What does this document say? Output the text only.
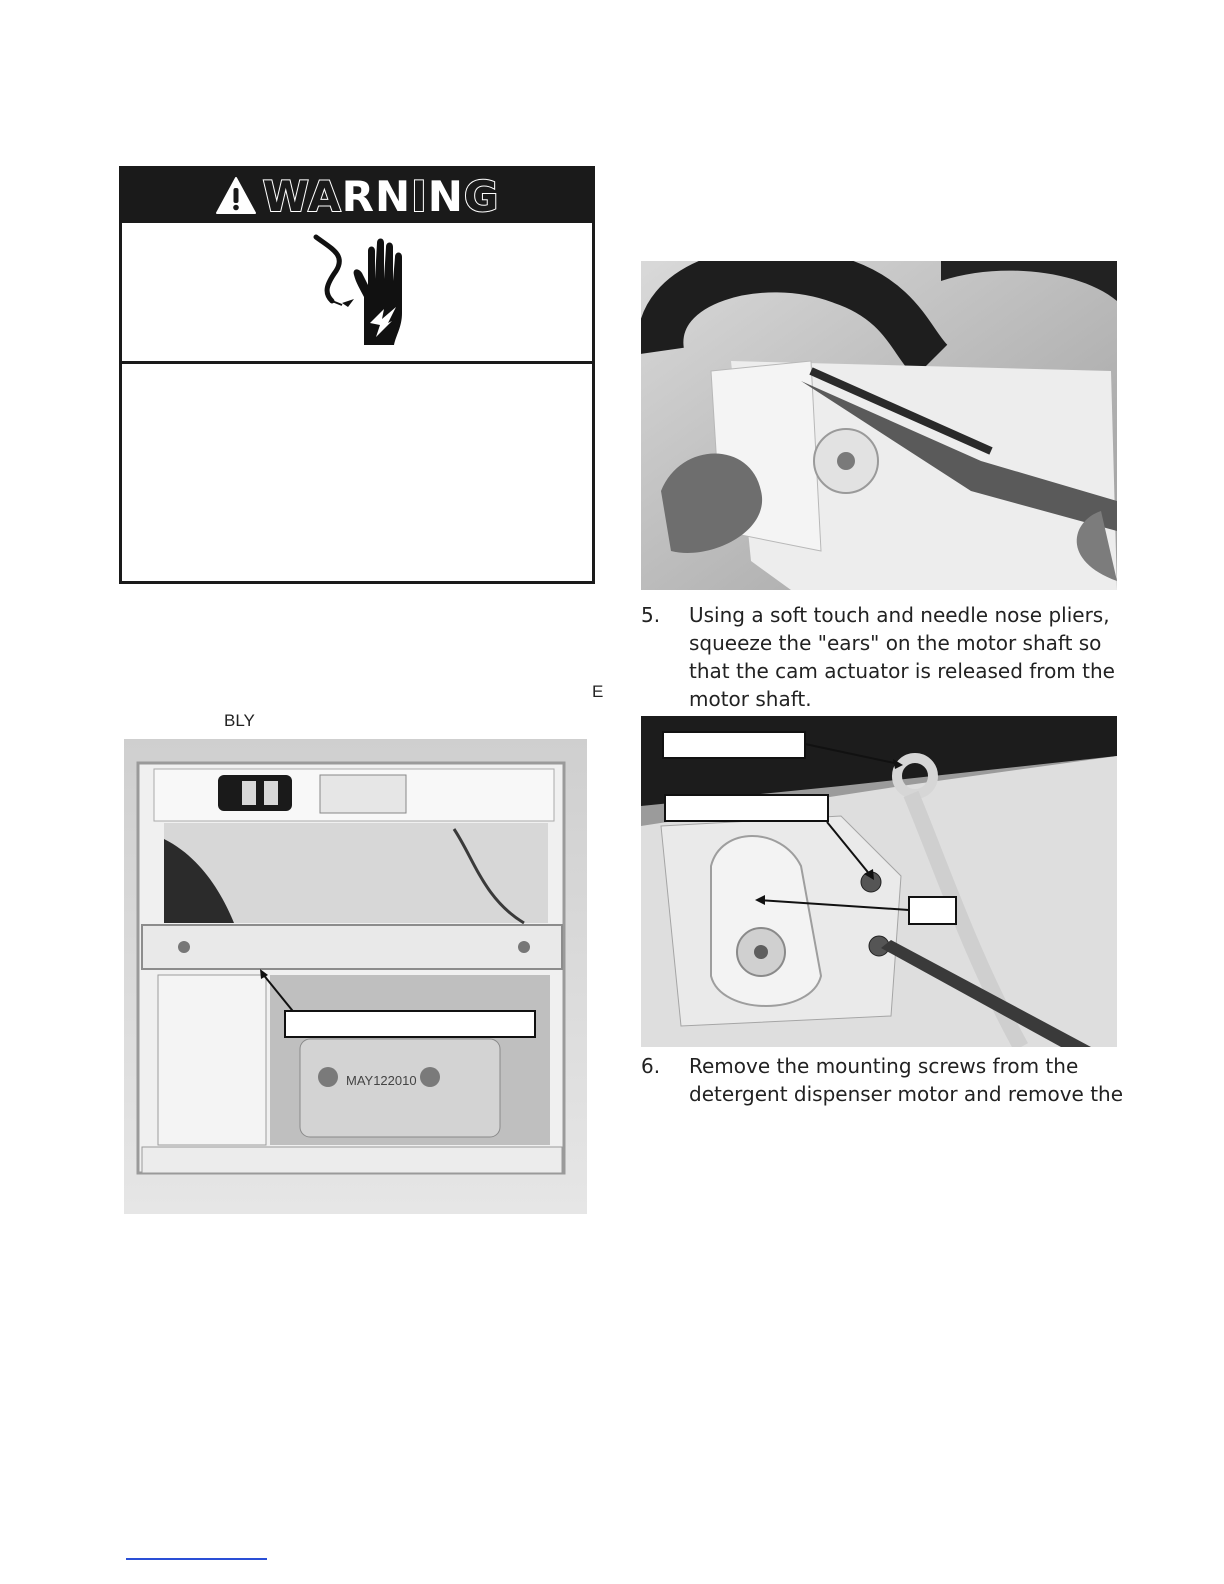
WARNING
E
BLY
5. Using a soft touch and needle nose pliers,
squeeze the "ears" on the motor shaft so
that the cam actuator is released from the
motor shaft.
MAY122010
6. Remove the mounting screws from the
detergent dispenser motor and remove the
